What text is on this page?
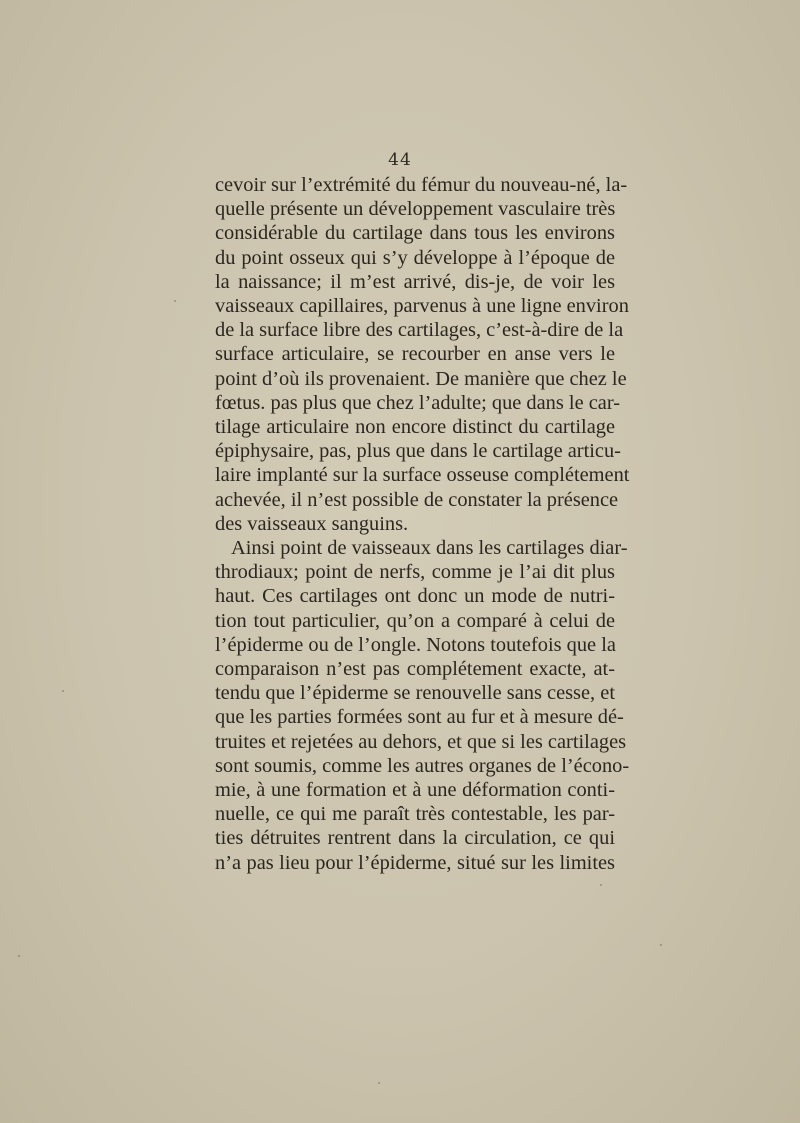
44
cevoir sur l’extrémité du fémur du nouveau-né, la-
quelle présente un développement vasculaire très
considérable du cartilage dans tous les environs
du point osseux qui s’y développe à l’époque de
la naissance; il m’est arrivé, dis-je, de voir les
vaisseaux capillaires, parvenus à une ligne environ
de la surface libre des cartilages, c’est-à-dire de la
surface articulaire, se recourber en anse vers le
point d’où ils provenaient. De manière que chez le
fœtus. pas plus que chez l’adulte; que dans le car-
tilage articulaire non encore distinct du cartilage
épiphysaire, pas, plus que dans le cartilage articu-
laire implanté sur la surface osseuse complétement
achevée, il n’est possible de constater la présence
des vaisseaux sanguins.
Ainsi point de vaisseaux dans les cartilages diar-
throdiaux; point de nerfs, comme je l’ai dit plus
haut. Ces cartilages ont donc un mode de nutri-
tion tout particulier, qu’on a comparé à celui de
l’épiderme ou de l’ongle. Notons toutefois que la
comparaison n’est pas complétement exacte, at-
tendu que l’épiderme se renouvelle sans cesse, et
que les parties formées sont au fur et à mesure dé-
truites et rejetées au dehors, et que si les cartilages
sont soumis, comme les autres organes de l’écono-
mie, à une formation et à une déformation conti-
nuelle, ce qui me paraît très contestable, les par-
ties détruites rentrent dans la circulation, ce qui
n’a pas lieu pour l’épiderme, situé sur les limites
